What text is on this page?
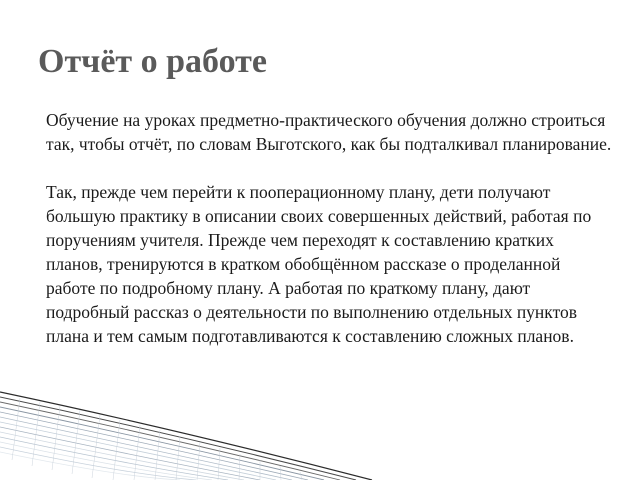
Отчёт о работе

Обучение на уроках предметно-практического обучения должно строиться так, чтобы отчёт, по словам Выготского, как бы подталкивал планирование.

Так, прежде чем перейти к пооперационному плану, дети получают большую практику в описании своих совершенных действий, работая по поручениям учителя. Прежде чем переходят к составлению кратких планов, тренируются в кратком обобщённом рассказе о проделанной работе по подробному плану. А работая по краткому плану, дают подробный рассказ о деятельности по выполнению отдельных пунктов плана и тем самым подготавливаются к составлению сложных планов.
